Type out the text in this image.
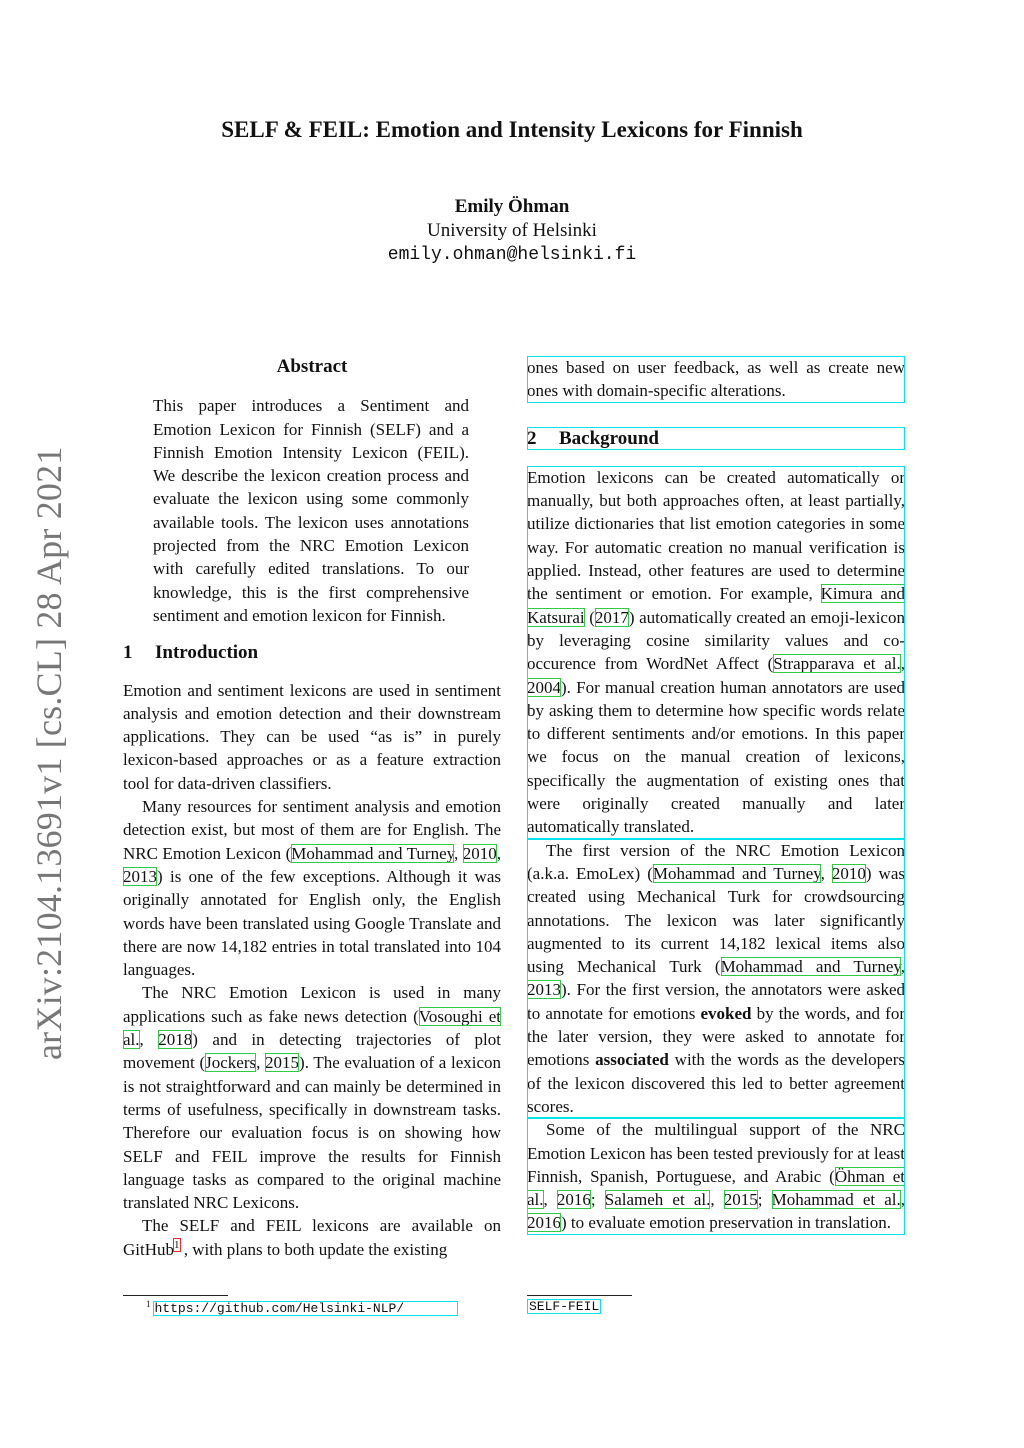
arXiv:2104.13691v1 [cs.CL] 28 Apr 2021
SELF & FEIL: Emotion and Intensity Lexicons for Finnish
Emily Öhman
University of Helsinki
emily.ohman@helsinki.fi
Abstract
This paper introduces a Sentiment and Emotion Lexicon for Finnish (SELF) and a Finnish Emotion Intensity Lexicon (FEIL). We describe the lexicon creation process and evaluate the lexicon using some commonly available tools. The lexicon uses annotations projected from the NRC Emotion Lexicon with carefully edited translations. To our knowledge, this is the first comprehensive sentiment and emotion lexicon for Finnish.
1 Introduction

Emotion and sentiment lexicons are used in sentiment analysis and emotion detection and their downstream applications. They can be used “as is” in purely lexicon-based approaches or as a feature extraction tool for data-driven classifiers.

Many resources for sentiment analysis and emotion detection exist, but most of them are for English. The NRC Emotion Lexicon (Mohammad and Turney, 2010, 2013) is one of the few exceptions. Although it was originally annotated for English only, the English words have been translated using Google Translate and there are now 14,182 entries in total translated into 104 languages.

The NRC Emotion Lexicon is used in many applications such as fake news detection (Vosoughi et al., 2018) and in detecting trajectories of plot movement (Jockers, 2015). The evaluation of a lexicon is not straightforward and can mainly be determined in terms of usefulness, specifically in downstream tasks. Therefore our evaluation focus is on showing how SELF and FEIL improve the results for Finnish language tasks as compared to the original machine translated NRC Lexicons.

The SELF and FEIL lexicons are available on GitHub$^1$ , with plans to both update the existing

$^1$ https://github.com/Helsinki-NLP/

ones based on user feedback, as well as create new ones with domain-specific alterations.

2 Background

Emotion lexicons can be created automatically or manually, but both approaches often, at least partially, utilize dictionaries that list emotion categories in some way. For automatic creation no manual verification is applied. Instead, other features are used to determine the sentiment or emotion. For example, Kimura and Katsurai (2017) automatically created an emoji-lexicon by leveraging cosine similarity values and co-occurence from WordNet Affect (Strapparava et al., 2004). For manual creation human annotators are used by asking them to determine how specific words relate to different sentiments and/or emotions. In this paper we focus on the manual creation of lexicons, specifically the augmentation of existing ones that were originally created manually and later automatically translated.

The first version of the NRC Emotion Lexicon (a.k.a. EmoLex) (Mohammad and Turney, 2010) was created using Mechanical Turk for crowdsourcing annotations. The lexicon was later significantly augmented to its current 14,182 lexical items also using Mechanical Turk (Mohammad and Turney, 2013). For the first version, the annotators were asked to annotate for emotions evoked by the words, and for the later version, they were asked to annotate for emotions associated with the words as the developers of the lexicon discovered this led to better agreement scores.

Some of the multilingual support of the NRC Emotion Lexicon has been tested previously for at least Finnish, Spanish, Portuguese, and Arabic (Öhman et al., 2016; Salameh et al., 2015; Mohammad et al., 2016) to evaluate emotion preservation in translation.

SELF-FEIL
